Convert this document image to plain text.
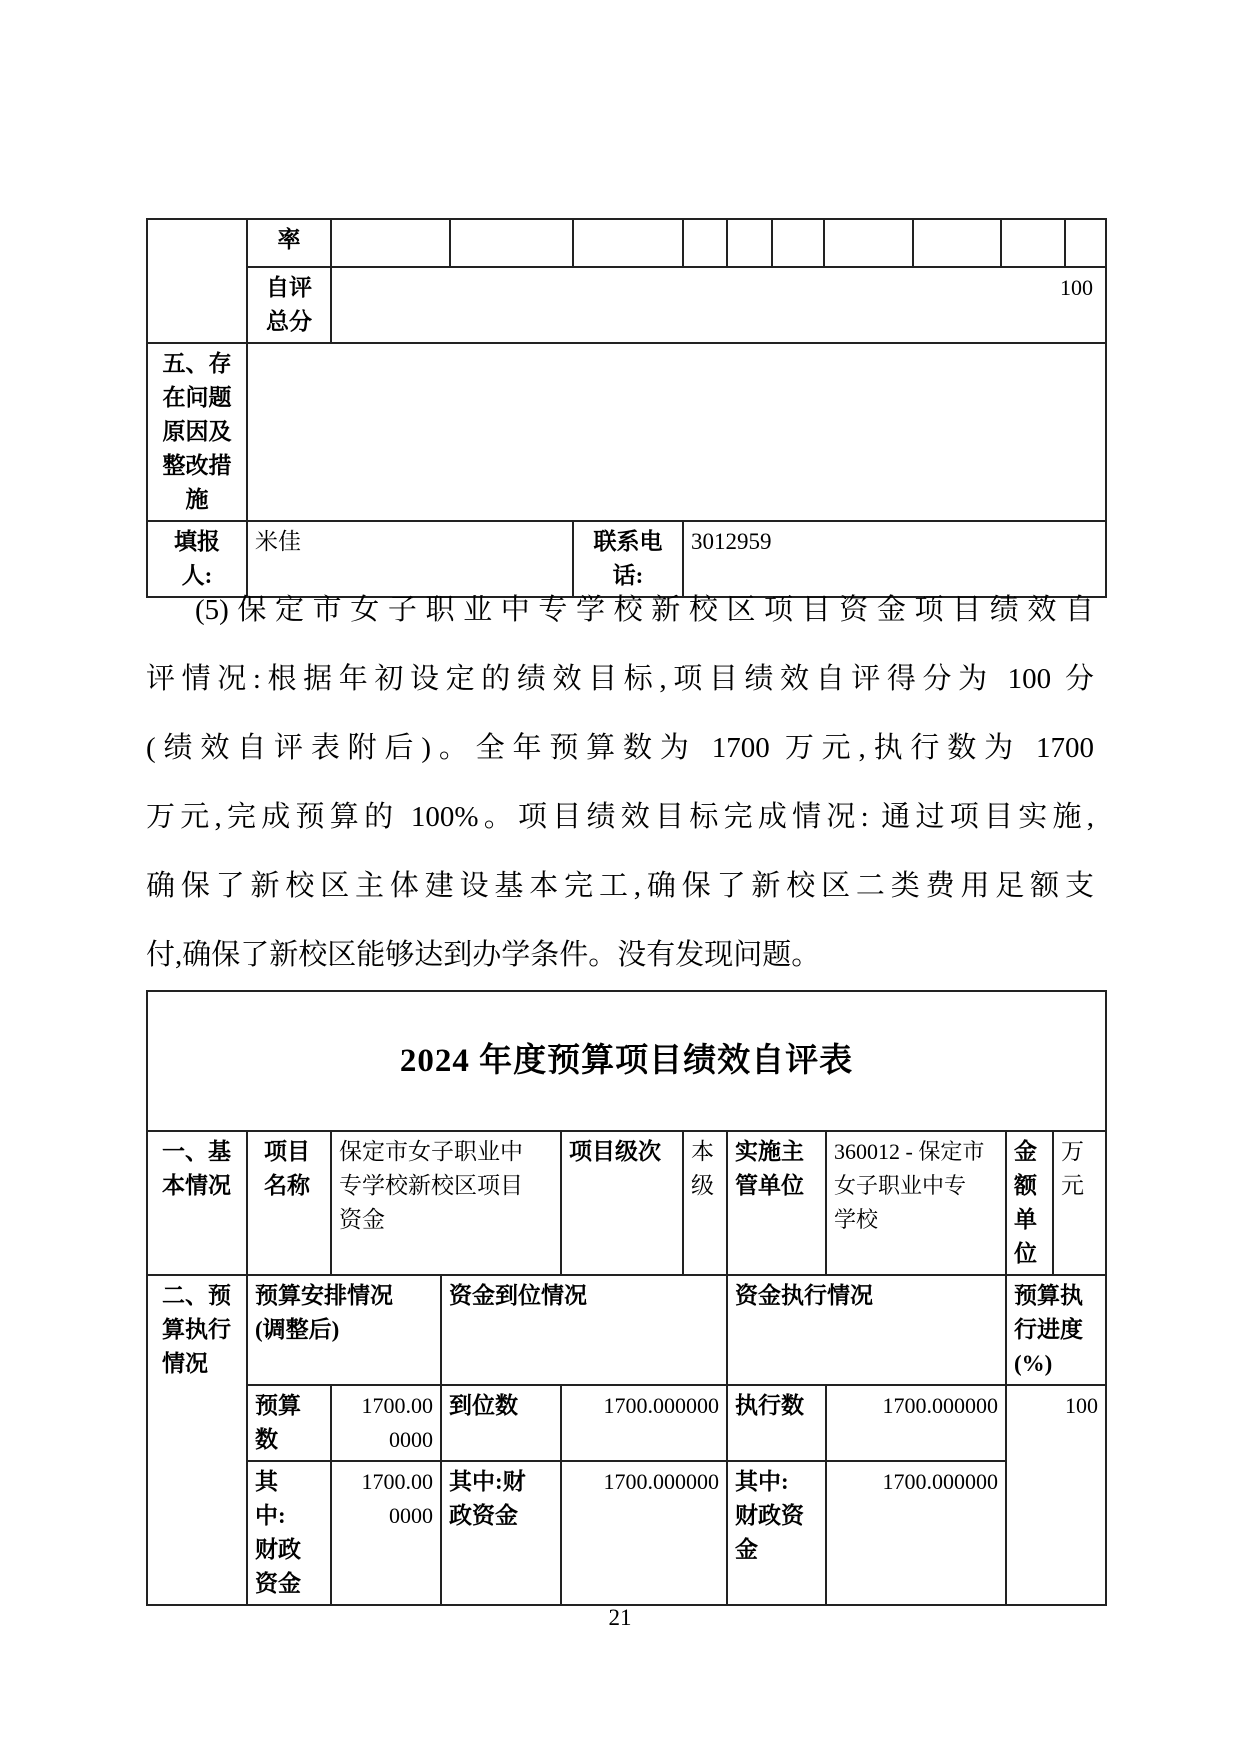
	率										
	自评总分	100									
五、存在问题原因及整改措施											
填报人:	米佳			联系电话:	3012959						
(5)保定市女子职业中专学校新校区项目资金项目绩效自
评情况:根据年初设定的绩效目标,项目绩效自评得分为 100 分
(绩效自评表附后)。全年预算数为 1700 万元,执行数为 1700
万元,完成预算的 100%。项目绩效目标完成情况: 通过项目实施,
确保了新校区主体建设基本完工,确保了新校区二类费用足额支
付,确保了新校区能够达到办学条件。没有发现问题。
2024 年度预算项目绩效自评表									
一、基本情况	项目名称	保定市女子职业中专学校新校区项目资金		项目级次	本级	实施主管单位	360012 - 保定市女子职业中专学校	金额单位	万元
二、预算执行情况	预算安排情况(调整后)		资金到位情况			资金执行情况		预算执行进度(%)	
	预算数	1700.000000	到位数	1700.000000		执行数	1700.000000	100	
	其中:财政资金	1700.000000	其中:财政资金	1700.000000		其中:财政资金	1700.000000		
21
